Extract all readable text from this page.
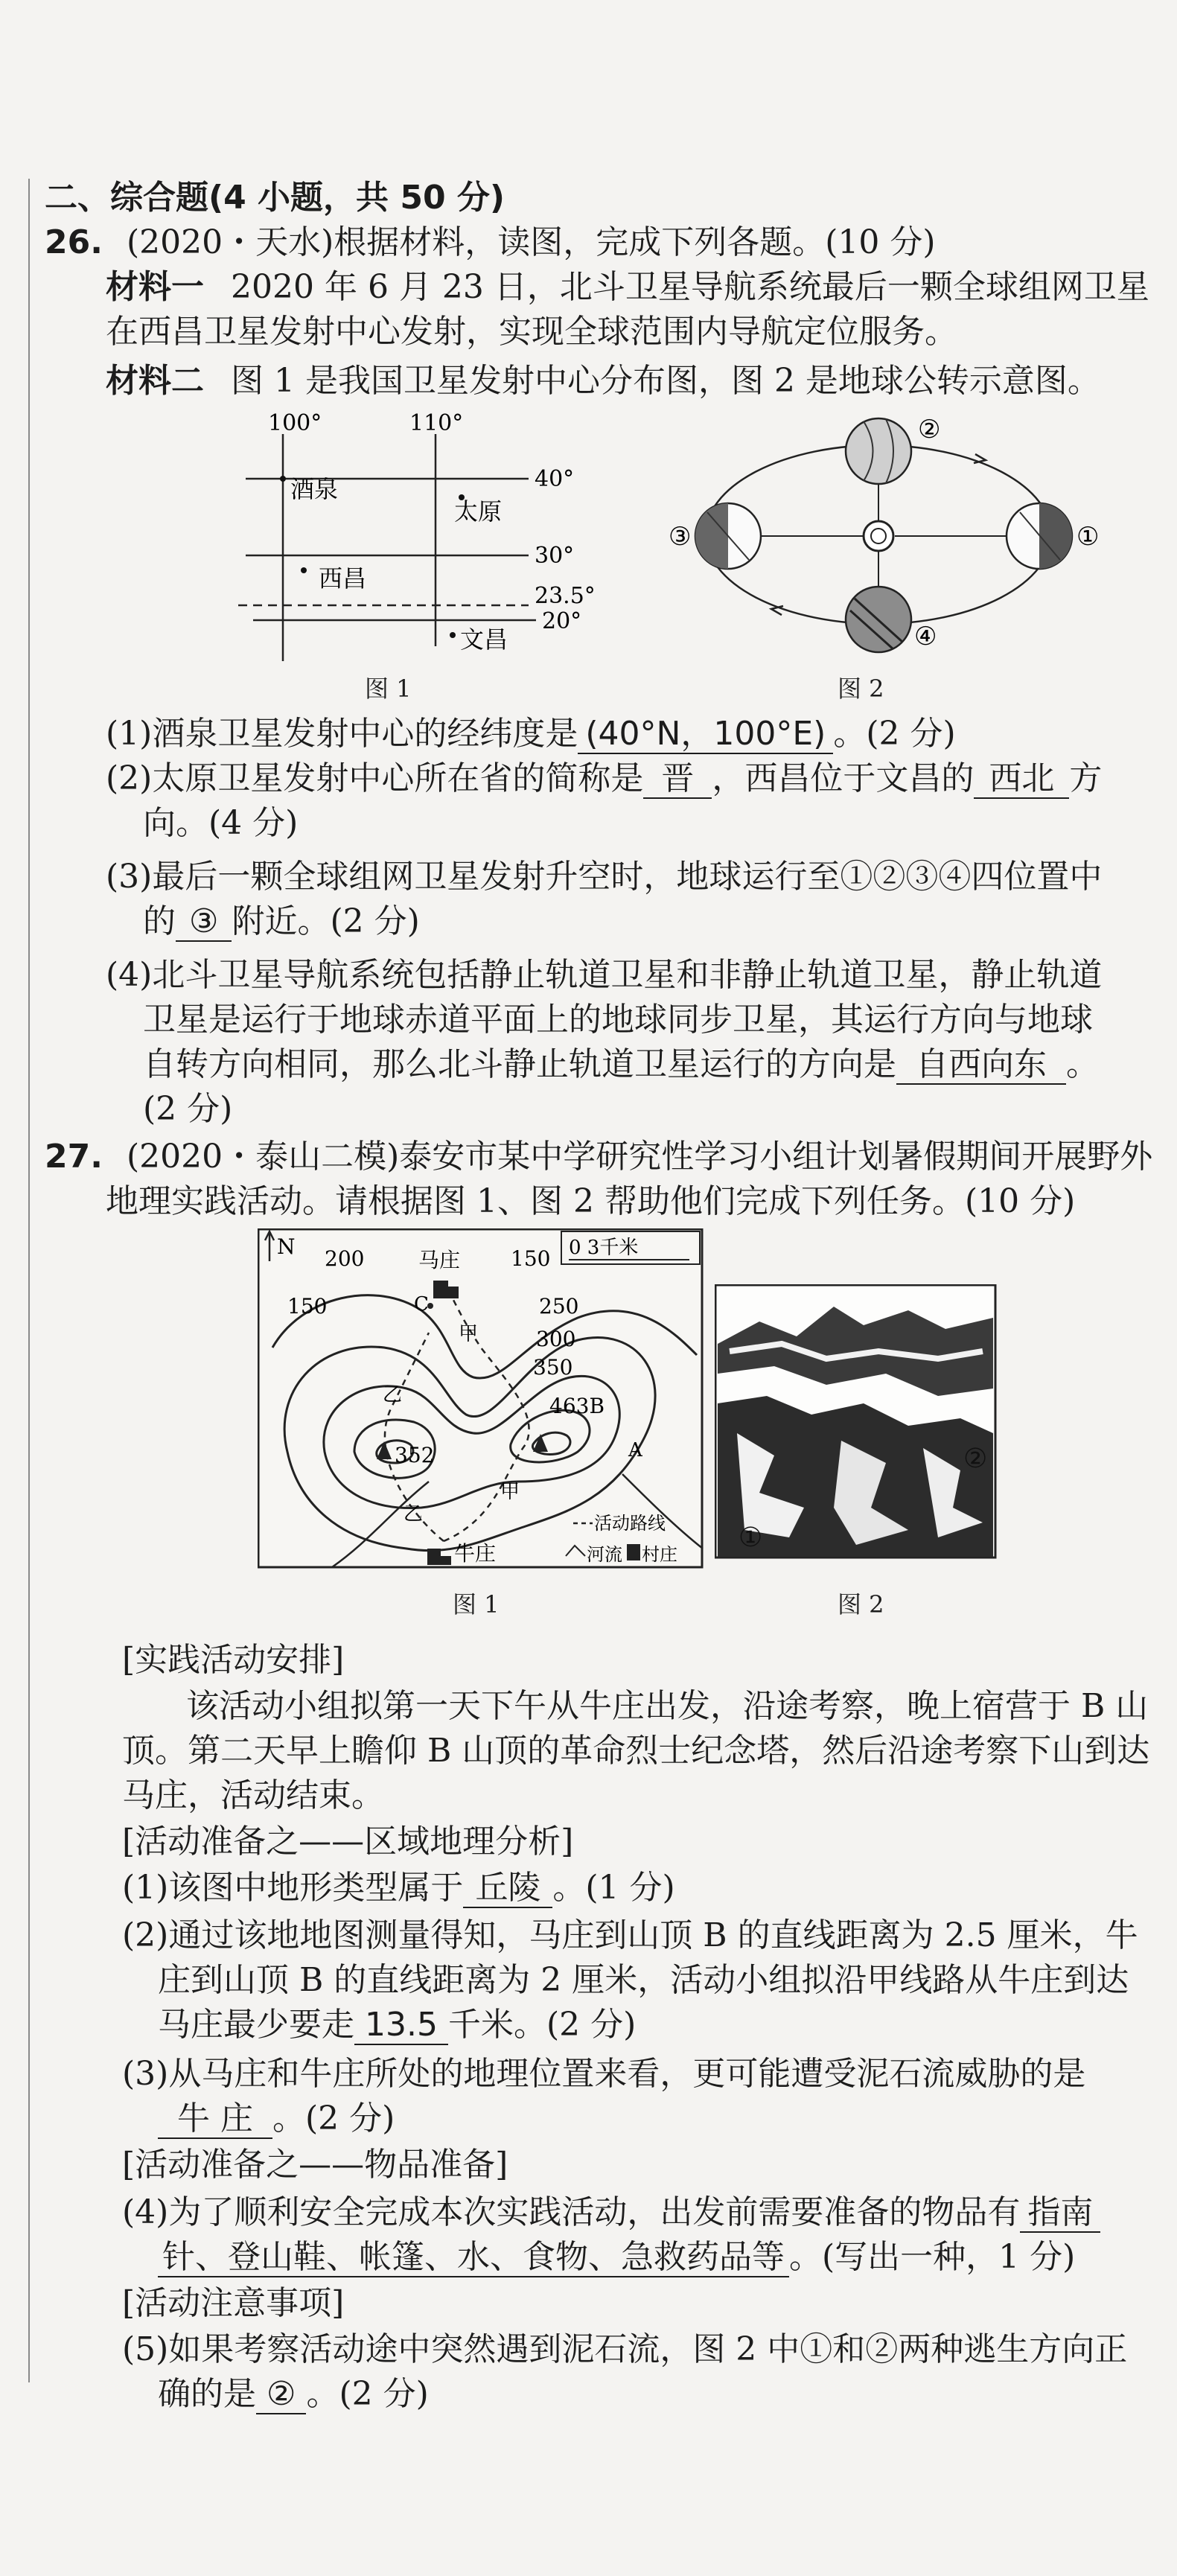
二、综合题(4 小题，共 50 分)
26. (2020・天水)根据材料，读图，完成下列各题。(10 分)
材料一 2020 年 6 月 23 日，北斗卫星导航系统最后一颗全球组网卫星
在西昌卫星发射中心发射，实现全球范围内导航定位服务。
材料二 图 1 是我国卫星发射中心分布图，图 2 是地球公转示意图。
100°	110°
40°
30°
23.5°
20°
酒泉
太原
西昌
文昌
图 1
②
③	①
④
图 2
(1)酒泉卫星发射中心的经纬度是 (40°N，100°E) 。(2 分)
(2)太原卫星发射中心所在省的简称是 晋 ，西昌位于文昌的 西北 方
向。(4 分)
(3)最后一颗全球组网卫星发射升空时，地球运行至①②③④四位置中
的 ③ 附近。(2 分)
(4)北斗卫星导航系统包括静止轨道卫星和非静止轨道卫星，静止轨道
卫星是运行于地球赤道平面上的地球同步卫星，其运行方向与地球
自转方向相同，那么北斗静止轨道卫星运行的方向是 自西向东 。
(2 分)
27. (2020・泰山二模)泰安市某中学研究性学习小组计划暑假期间开展野外
地理实践活动。请根据图 1、图 2 帮助他们完成下列任务。(10 分)
N	0 3千米
200
150
150
250
300
350
马庄
C
463B
352	A
甲
甲
乙
乙
牛庄
活动路线
河流 村庄
图 1
①
②
图 2
[实践活动安排]
该活动小组拟第一天下午从牛庄出发，沿途考察，晚上宿营于 B 山
顶。第二天早上瞻仰 B 山顶的革命烈士纪念塔，然后沿途考察下山到达
马庄，活动结束。
[活动准备之——区域地理分析]
(1)该图中地形类型属于 丘陵 。(1 分)
(2)通过该地地图测量得知，马庄到山顶 B 的直线距离为 2.5 厘米，牛
庄到山顶 B 的直线距离为 2 厘米，活动小组拟沿甲线路从牛庄到达
马庄最少要走 13.5 千米。(2 分)
(3)从马庄和牛庄所处的地理位置来看，更可能遭受泥石流威胁的是
牛 庄 。(2 分)
[活动准备之——物品准备]
(4)为了顺利安全完成本次实践活动，出发前需要准备的物品有 指南
针、登山鞋、帐篷、水、食物、急救药品等 。(写出一种，1 分)
[活动注意事项]
(5)如果考察活动途中突然遇到泥石流，图 2 中①和②两种逃生方向正
确的是 ② 。(2 分)
